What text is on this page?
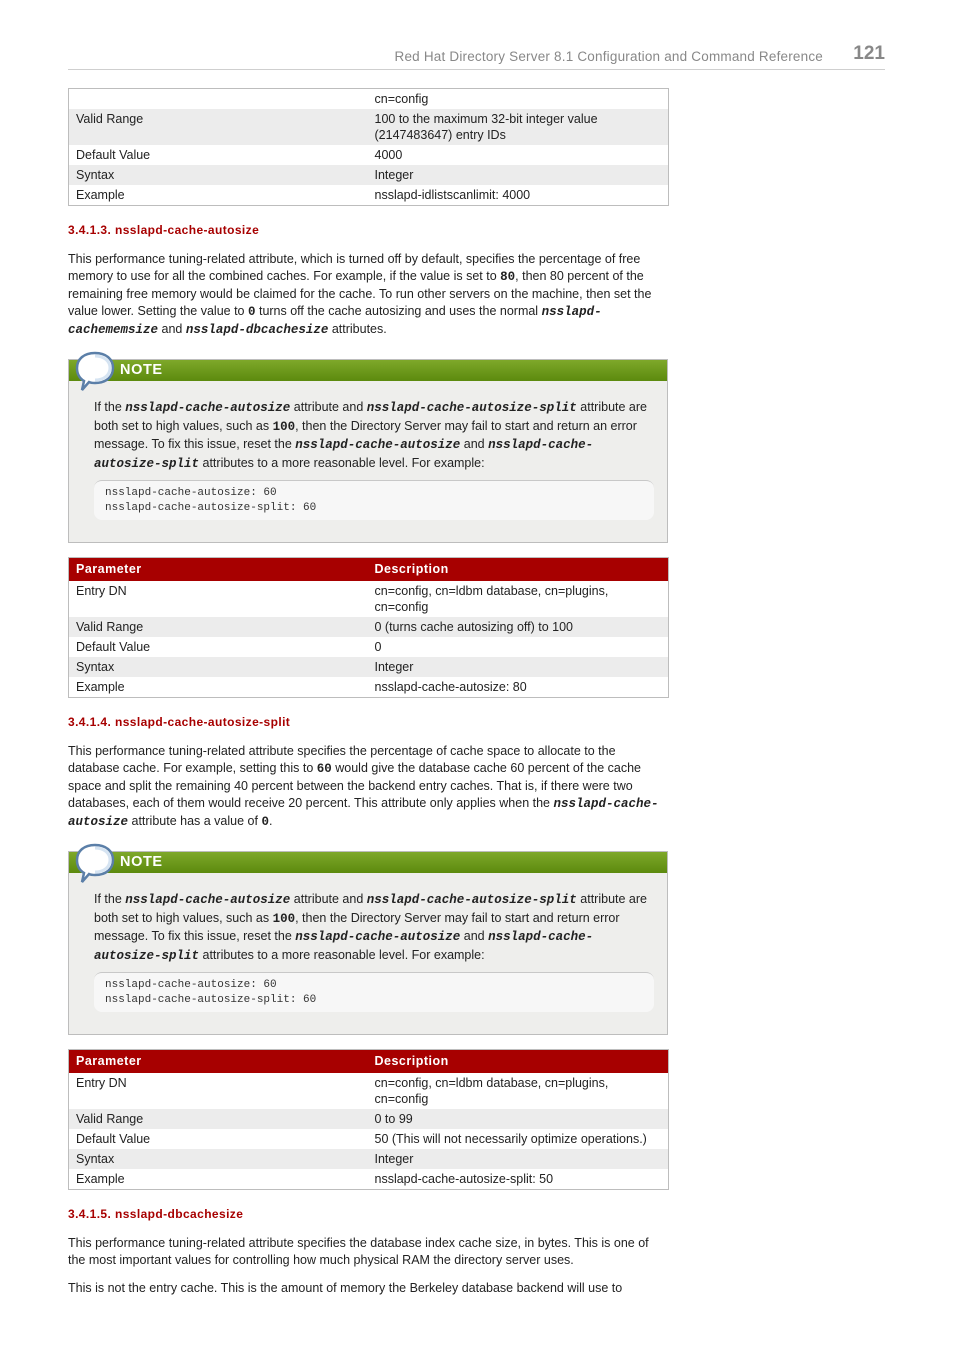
Red Hat Directory Server 8.1 Configuration and Command Reference 121
	cn=config
Valid Range	100 to the maximum 32-bit integer value (2147483647) entry IDs
Default Value	4000
Syntax	Integer
Example	nsslapd-idlistscanlimit: 4000
3.4.1.3. nsslapd-cache-autosize

This performance tuning-related attribute, which is turned off by default, specifies the percentage of free memory to use for all the combined caches. For example, if the value is set to 80, then 80 percent of the remaining free memory would be claimed for the cache. To run other servers on the machine, then set the value lower. Setting the value to 0 turns off the cache autosizing and uses the normal nsslapd-cachememsize and nsslapd-dbcachesize attributes.

NOTE

If the nsslapd-cache-autosize attribute and nsslapd-cache-autosize-split attribute are both set to high values, such as 100, then the Directory Server may fail to start and return an error message. To fix this issue, reset the nsslapd-cache-autosize and nsslapd-cache-autosize-split attributes to a more reasonable level. For example:

nsslapd-cache-autosize: 60
nsslapd-cache-autosize-split: 60
Parameter	Description
Entry DN	cn=config, cn=ldbm database, cn=plugins, cn=config
Valid Range	0 (turns cache autosizing off) to 100
Default Value	0
Syntax	Integer
Example	nsslapd-cache-autosize: 80
3.4.1.4. nsslapd-cache-autosize-split

This performance tuning-related attribute specifies the percentage of cache space to allocate to the database cache. For example, setting this to 60 would give the database cache 60 percent of the cache space and split the remaining 40 percent between the backend entry caches. That is, if there were two databases, each of them would receive 20 percent. This attribute only applies when the nsslapd-cache-autosize attribute has a value of 0.

NOTE

If the nsslapd-cache-autosize attribute and nsslapd-cache-autosize-split attribute are both set to high values, such as 100, then the Directory Server may fail to start and return error message. To fix this issue, reset the nsslapd-cache-autosize and nsslapd-cache-autosize-split attributes to a more reasonable level. For example:

nsslapd-cache-autosize: 60
nsslapd-cache-autosize-split: 60
Parameter	Description
Entry DN	cn=config, cn=ldbm database, cn=plugins, cn=config
Valid Range	0 to 99
Default Value	50 (This will not necessarily optimize operations.)
Syntax	Integer
Example	nsslapd-cache-autosize-split: 50
3.4.1.5. nsslapd-dbcachesize

This performance tuning-related attribute specifies the database index cache size, in bytes. This is one of the most important values for controlling how much physical RAM the directory server uses.

This is not the entry cache. This is the amount of memory the Berkeley database backend will use to
